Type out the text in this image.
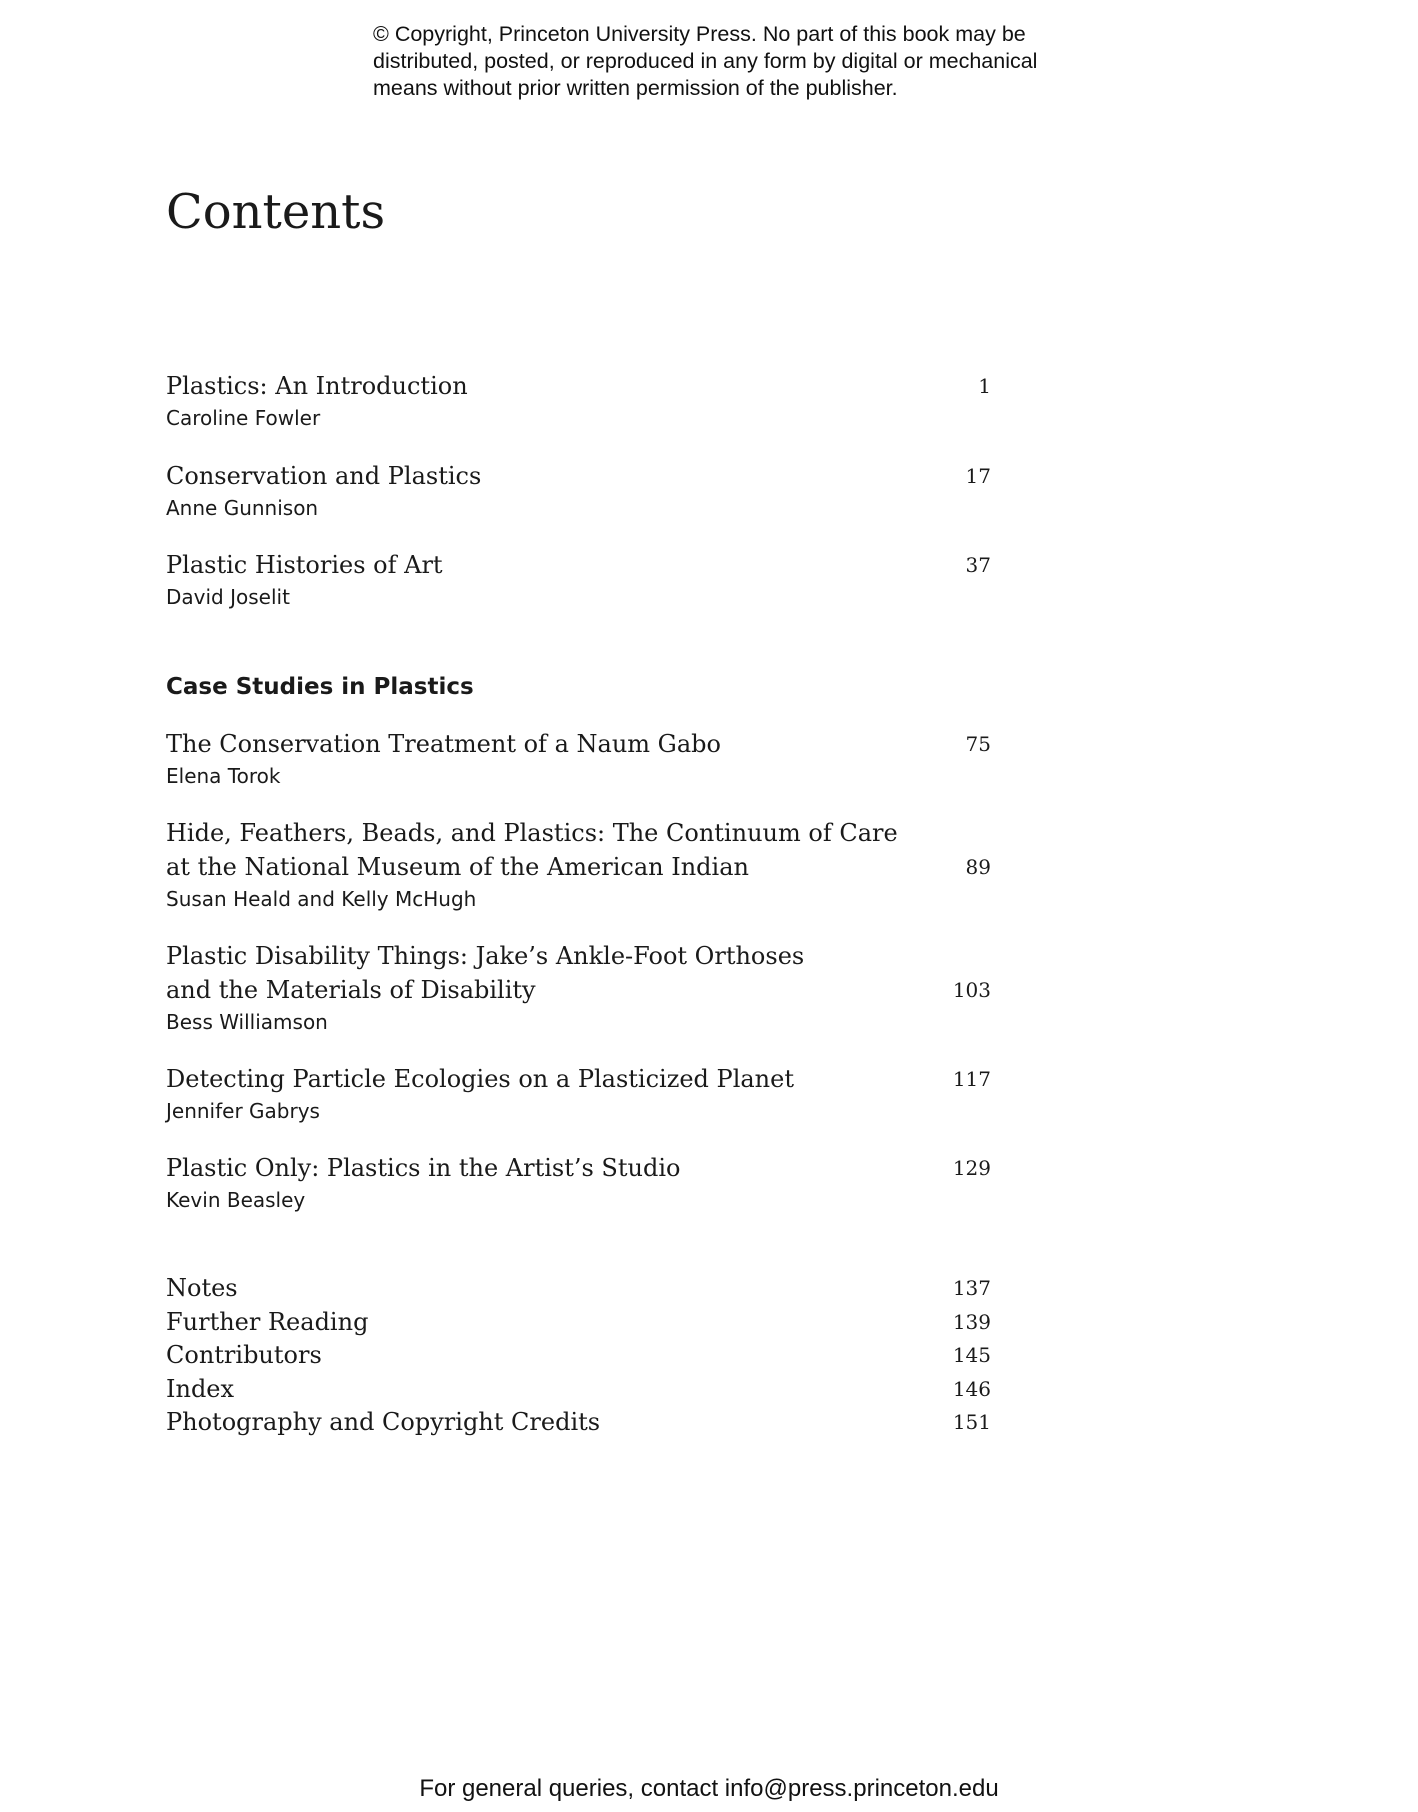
© Copyright, Princeton University Press. No part of this book may be
distributed, posted, or reproduced in any form by digital or mechanical
means without prior written permission of the publisher.
Contents
Plastics: An Introduction
Caroline Fowler
1
Conservation and Plastics
Anne Gunnison
17
Plastic Histories of Art
David Joselit
37
Case Studies in Plastics
The Conservation Treatment of a Naum Gabo
Elena Torok
75
Hide, Feathers, Beads, and Plastics: The Continuum of Care
at the National Museum of the American Indian
Susan Heald and Kelly McHugh
89
Plastic Disability Things: Jake’s Ankle-Foot Orthoses
and the Materials of Disability
Bess Williamson
103
Detecting Particle Ecologies on a Plasticized Planet
Jennifer Gabrys
117
Plastic Only: Plastics in the Artist’s Studio
Kevin Beasley
129
Notes	137
Further Reading	139
Contributors	145
Index	146
Photography and Copyright Credits	151
For general queries, contact info@press.princeton.edu
